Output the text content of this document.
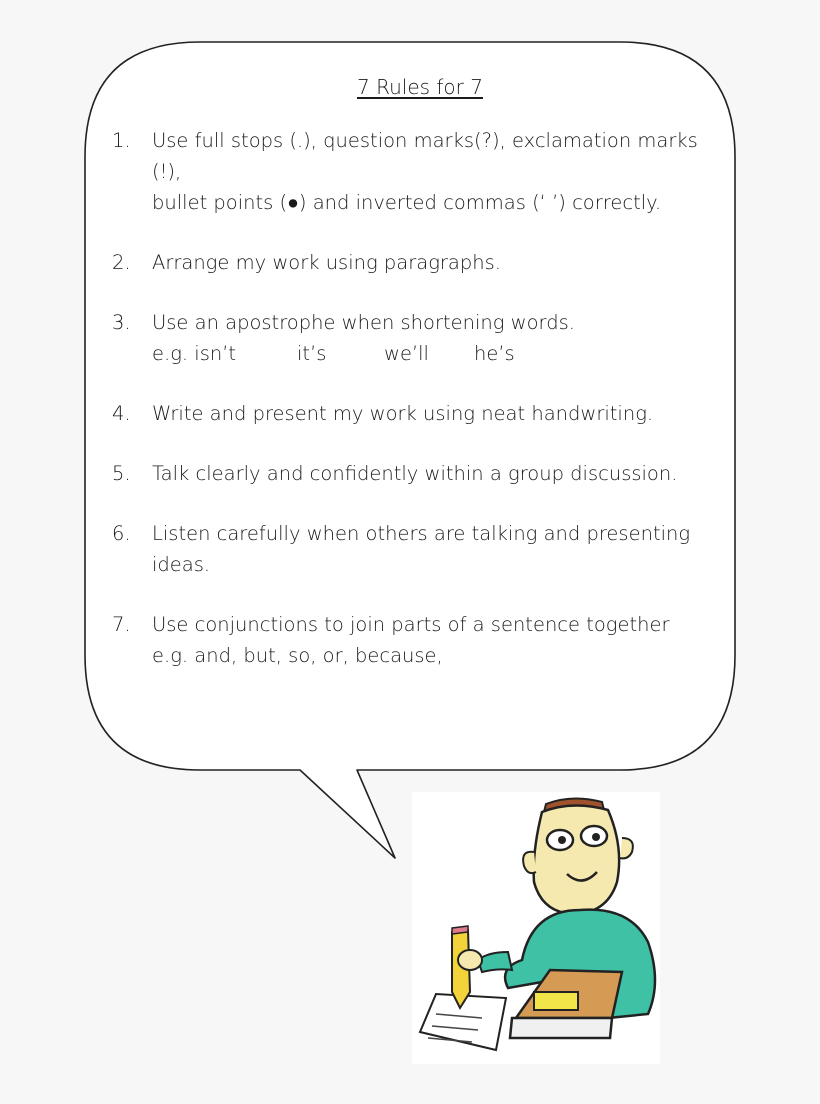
7 Rules for 7
1. Use full stops (.), question marks(?), exclamation marks (!),
bullet points (●) and inverted commas (‘ ’) correctly.
2. Arrange my work using paragraphs.
3. Use an apostrophe when shortening words.
e.g. isn’t	it’s	we’ll	he’s
4. Write and present my work using neat handwriting.
5. Talk clearly and confidently within a group discussion.
6. Listen carefully when others are talking and presenting
ideas.
7. Use conjunctions to join parts of a sentence together
e.g. and, but, so, or, because,
